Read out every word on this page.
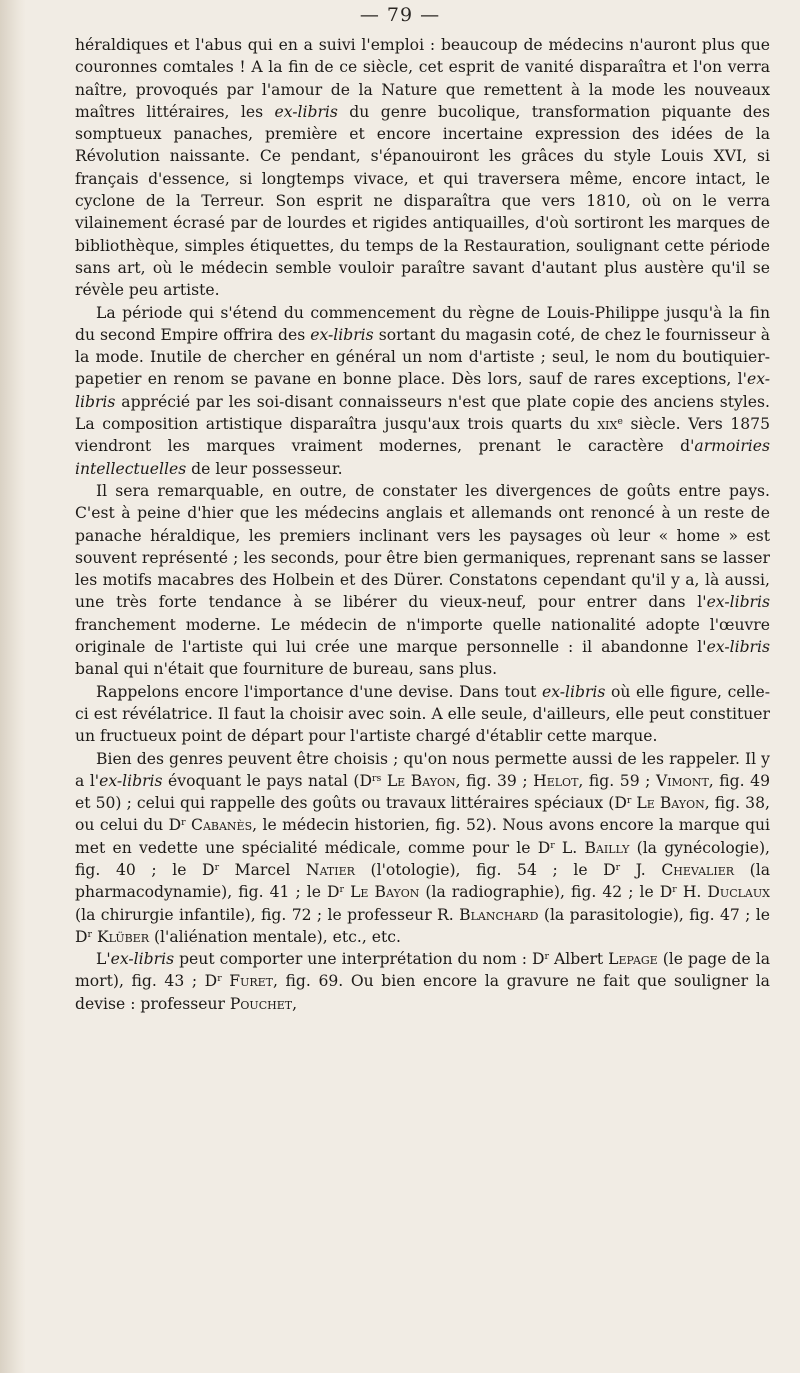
— 79 —

héraldiques et l'abus qui en a suivi l'emploi : beaucoup de médecins n'auront plus que couronnes comtales ! A la fin de ce siècle, cet esprit de vanité disparaîtra et l'on verra naître, provoqués par l'amour de la Nature que remettent à la mode les nouveaux maîtres littéraires, les ex-libris du genre bucolique, transformation piquante des somptueux panaches, première et encore incertaine expression des idées de la Révolution naissante. Ce pendant, s'épanouiront les grâces du style Louis XVI, si français d'essence, si longtemps vivace, et qui traversera même, encore intact, le cyclone de la Terreur. Son esprit ne disparaîtra que vers 1810, où on le verra vilainement écrasé par de lourdes et rigides antiquailles, d'où sortiront les marques de bibliothèque, simples étiquettes, du temps de la Restauration, soulignant cette période sans art, où le médecin semble vouloir paraître savant d'autant plus austère qu'il se révèle peu artiste.

La période qui s'étend du commencement du règne de Louis-Philippe jusqu'à la fin du second Empire offrira des ex-libris sortant du magasin coté, de chez le fournisseur à la mode. Inutile de chercher en général un nom d'artiste ; seul, le nom du boutiquier-papetier en renom se pavane en bonne place. Dès lors, sauf de rares exceptions, l'ex-libris apprécié par les soi-disant connaisseurs n'est que plate copie des anciens styles. La composition artistique disparaîtra jusqu'aux trois quarts du xix$^e$ siècle. Vers 1875 viendront les marques vraiment modernes, prenant le caractère d'armoiries intellectuelles de leur possesseur.

Il sera remarquable, en outre, de constater les divergences de goûts entre pays. C'est à peine d'hier que les médecins anglais et allemands ont renoncé à un reste de panache héraldique, les premiers inclinant vers les paysages où leur « home » est souvent représenté ; les seconds, pour être bien germaniques, reprenant sans se lasser les motifs macabres des Holbein et des Dürer. Constatons cependant qu'il y a, là aussi, une très forte tendance à se libérer du vieux-neuf, pour entrer dans l'ex-libris franchement moderne. Le médecin de n'importe quelle nationalité adopte l'œuvre originale de l'artiste qui lui crée une marque personnelle : il abandonne l'ex-libris banal qui n'était que fourniture de bureau, sans plus.

Rappelons encore l'importance d'une devise. Dans tout ex-libris où elle figure, celle-ci est révélatrice. Il faut la choisir avec soin. A elle seule, d'ailleurs, elle peut constituer un fructueux point de départ pour l'artiste chargé d'établir cette marque.

Bien des genres peuvent être choisis ; qu'on nous permette aussi de les rappeler. Il y a l'ex-libris évoquant le pays natal ($D^{rs}$ Le Bayon, fig. 39 ; Helot, fig. 59 ; Vimont, fig. 49 et 50) ; celui qui rappelle des goûts ou travaux littéraires spéciaux ($D^r$ Le Bayon, fig. 38, ou celui du $D^r$ Cabanès, le médecin historien, fig. 52). Nous avons encore la marque qui met en vedette une spécialité médicale, comme pour le $D^r$ L. Bailly (la gynécologie), fig. 40 ; le $D^r$ Marcel Natier (l'otologie), fig. 54 ; le $D^r$ J. Chevalier (la pharmacodynamie), fig. 41 ; le $D^r$ Le Bayon (la radiographie), fig. 42 ; le $D^r$ H. Duclaux (la chirurgie infantile), fig. 72 ; le professeur R. Blanchard (la parasitologie), fig. 47 ; le $D^r$ Klüber (l'aliénation mentale), etc., etc.

L'ex-libris peut comporter une interprétation du nom : $D^r$ Albert Lepage (le page de la mort), fig. 43 ; $D^r$ Furet, fig. 69. Ou bien encore la gravure ne fait que souligner la devise : professeur Pouchet,
